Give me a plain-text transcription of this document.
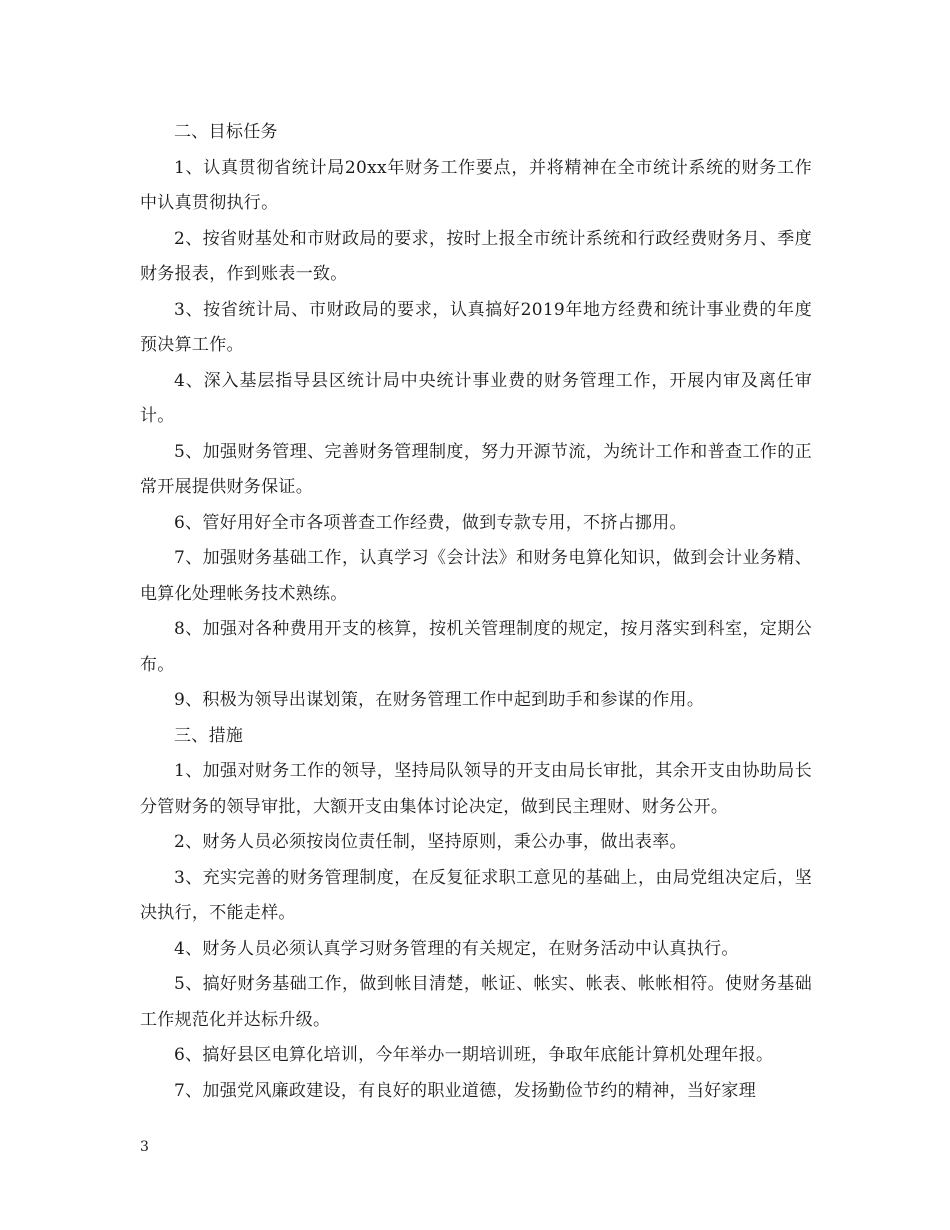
二、目标任务

1、认真贯彻省统计局20xx年财务工作要点，并将精神在全市统计系统的财务工作中认真贯彻执行。

2、按省财基处和市财政局的要求，按时上报全市统计系统和行政经费财务月、季度财务报表，作到账表一致。

3、按省统计局、市财政局的要求，认真搞好2019年地方经费和统计事业费的年度预决算工作。

4、深入基层指导县区统计局中央统计事业费的财务管理工作，开展内审及离任审计。

5、加强财务管理、完善财务管理制度，努力开源节流，为统计工作和普查工作的正常开展提供财务保证。

6、管好用好全市各项普查工作经费，做到专款专用，不挤占挪用。

7、加强财务基础工作，认真学习《会计法》和财务电算化知识，做到会计业务精、电算化处理帐务技术熟练。

8、加强对各种费用开支的核算，按机关管理制度的规定，按月落实到科室，定期公布。

9、积极为领导出谋划策，在财务管理工作中起到助手和参谋的作用。

三、措施

1、加强对财务工作的领导，坚持局队领导的开支由局长审批，其余开支由协助局长分管财务的领导审批，大额开支由集体讨论决定，做到民主理财、财务公开。

2、财务人员必须按岗位责任制，坚持原则，秉公办事，做出表率。

3、充实完善的财务管理制度，在反复征求职工意见的基础上，由局党组决定后，坚决执行，不能走样。

4、财务人员必须认真学习财务管理的有关规定，在财务活动中认真执行。

5、搞好财务基础工作，做到帐目清楚，帐证、帐实、帐表、帐帐相符。使财务基础工作规范化并达标升级。

6、搞好县区电算化培训，今年举办一期培训班，争取年底能计算机处理年报。

7、加强党风廉政建设，有良好的职业道德，发扬勤俭节约的精神，当好家理

3
